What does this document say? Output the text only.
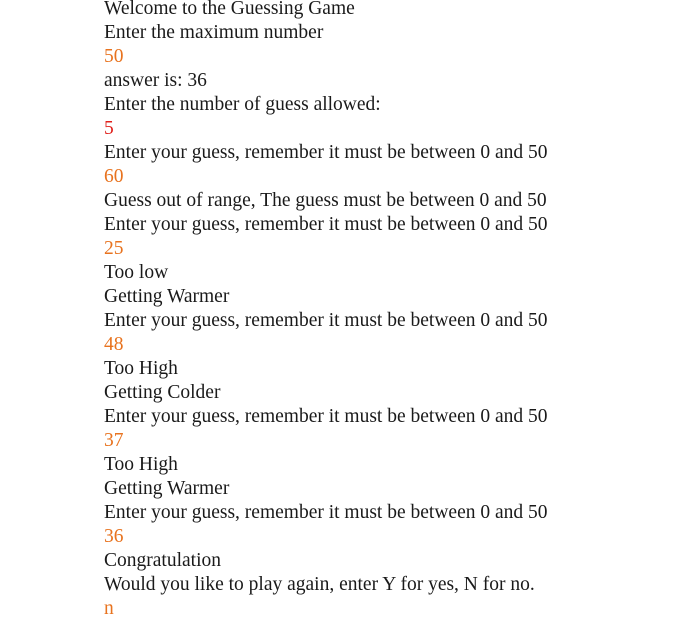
Welcome to the Guessing Game
Enter the maximum number
50
answer is: 36
Enter the number of guess allowed:
5
Enter your guess, remember it must be between 0 and 50
60
Guess out of range, The guess must be between 0 and 50
Enter your guess, remember it must be between 0 and 50
25
Too low
Getting Warmer
Enter your guess, remember it must be between 0 and 50
48
Too High
Getting Colder
Enter your guess, remember it must be between 0 and 50
37
Too High
Getting Warmer
Enter your guess, remember it must be between 0 and 50
36
Congratulation
Would you like to play again, enter Y for yes, N for no.
n
